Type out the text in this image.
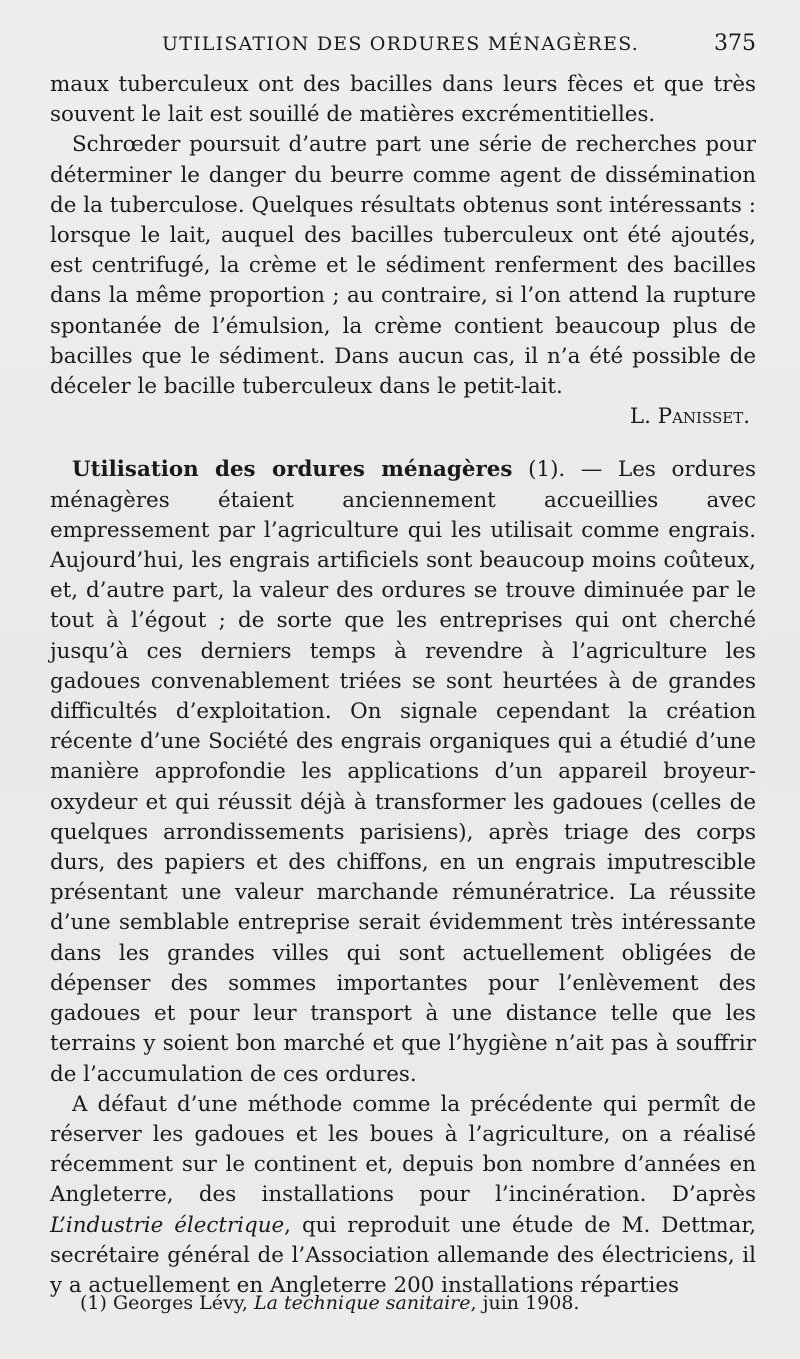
UTILISATION DES ORDURES MÉNAGÈRES.	375

maux tuberculeux ont des bacilles dans leurs fèces et que très souvent le lait est souillé de matières excrémentitielles.

Schrœder poursuit d’autre part une série de recherches pour déterminer le danger du beurre comme agent de dissémination de la tuberculose. Quelques résultats obtenus sont intéressants : lorsque le lait, auquel des bacilles tuberculeux ont été ajoutés, est centrifugé, la crème et le sédiment renferment des bacilles dans la même proportion ; au contraire, si l’on attend la rupture spontanée de l’émulsion, la crème contient beaucoup plus de bacilles que le sédiment. Dans aucun cas, il n’a été possible de déceler le bacille tuberculeux dans le petit-lait.

L. Panisset.

Utilisation des ordures ménagères (1). — Les ordures ménagères étaient anciennement accueillies avec empressement par l’agriculture qui les utilisait comme engrais. Aujourd’hui, les engrais artificiels sont beaucoup moins coûteux, et, d’autre part, la valeur des ordures se trouve diminuée par le tout à l’égout ; de sorte que les entreprises qui ont cherché jusqu’à ces derniers temps à revendre à l’agriculture les gadoues convenablement triées se sont heurtées à de grandes difficultés d’exploitation. On signale cependant la création récente d’une Société des engrais organiques qui a étudié d’une manière approfondie les applications d’un appareil broyeur-oxydeur et qui réussit déjà à transformer les gadoues (celles de quelques arrondissements parisiens), après triage des corps durs, des papiers et des chiffons, en un engrais imputrescible présentant une valeur marchande rémunératrice. La réussite d’une semblable entreprise serait évidemment très intéressante dans les grandes villes qui sont actuellement obligées de dépenser des sommes importantes pour l’enlèvement des gadoues et pour leur transport à une distance telle que les terrains y soient bon marché et que l’hygiène n’ait pas à souffrir de l’accumulation de ces ordures.

A défaut d’une méthode comme la précédente qui permît de réserver les gadoues et les boues à l’agriculture, on a réalisé récemment sur le continent et, depuis bon nombre d’années en Angleterre, des installations pour l’incinération. D’après L’industrie électrique, qui reproduit une étude de M. Dettmar, secrétaire général de l’Association allemande des électriciens, il y a actuellement en Angleterre 200 installations réparties

(1) Georges Lévy, La technique sanitaire, juin 1908.
